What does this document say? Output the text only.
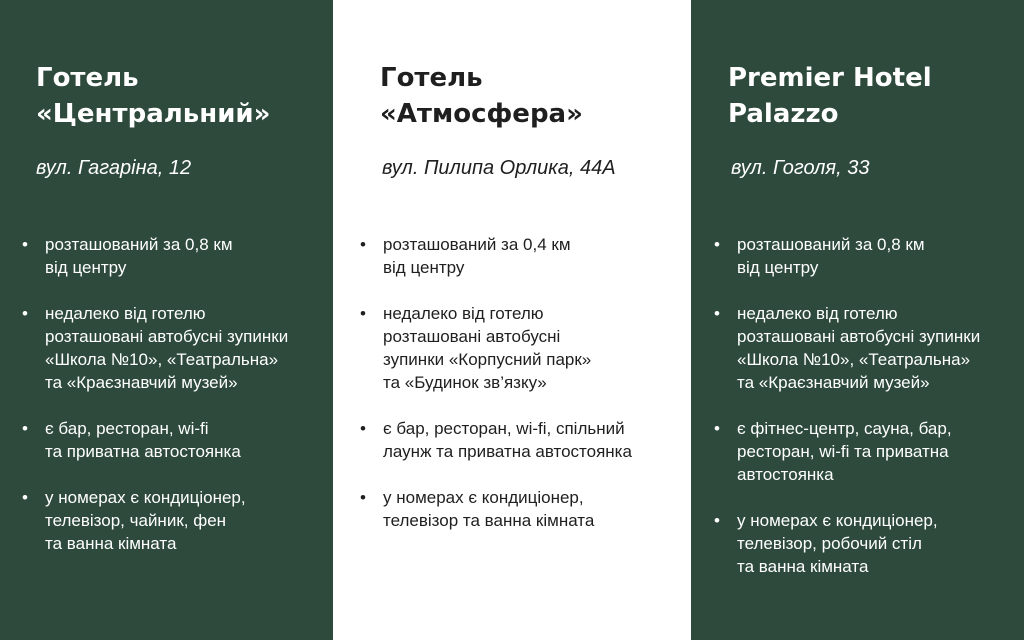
Готель
«Центральний»

вул. Гагаріна, 12

• розташований за 0,8 км
від центру
• недалеко від готелю
розташовані автобусні зупинки
«Школа №10», «Театральна»
та «Краєзнавчий музей»
• є бар, ресторан, wi-fi
та приватна автостоянка
• у номерах є кондиціонер,
телевізор, чайник, фен
та ванна кімната
Готель
«Атмосфера»

вул. Пилипа Орлика, 44А

• розташований за 0,4 км
від центру
• недалеко від готелю
розташовані автобусні
зупинки «Корпусний парк»
та «Будинок зв’язку»
• є бар, ресторан, wi-fi, спільний
лаунж та приватна автостоянка
• у номерах є кондиціонер,
телевізор та ванна кімната
Premier Hotel
Palazzo

вул. Гоголя, 33

• розташований за 0,8 км
від центру
• недалеко від готелю
розташовані автобусні зупинки
«Школа №10», «Театральна»
та «Краєзнавчий музей»
• є фітнес-центр, сауна, бар,
ресторан, wi-fi та приватна
автостоянка
• у номерах є кондиціонер,
телевізор, робочий стіл
та ванна кімната
